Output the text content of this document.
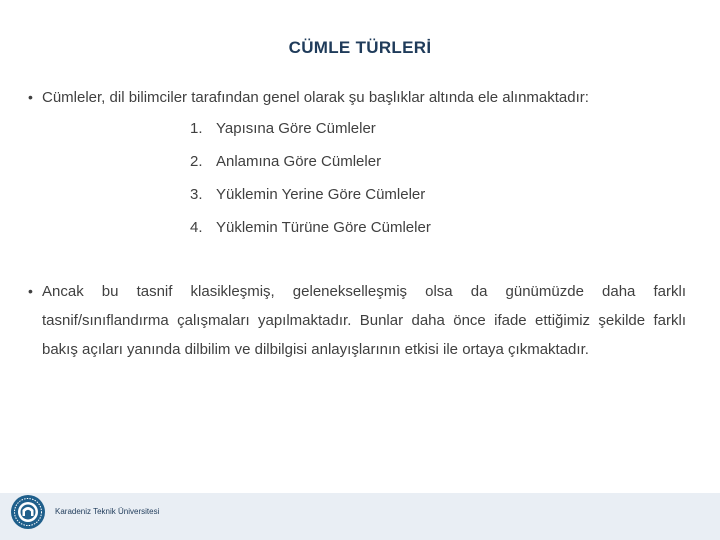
CÜMLE TÜRLERİ
• Cümleler, dil bilimciler tarafından genel olarak şu başlıklar altında ele alınmaktadır:
1. Yapısına Göre Cümleler
2. Anlamına Göre Cümleler
3. Yüklemin Yerine Göre Cümleler
4. Yüklemin Türüne Göre Cümleler
• Ancak bu tasnif klasikleşmiş, gelenekselleşmiş olsa da günümüzde daha farklı tasnif/sınıflandırma çalışmaları yapılmaktadır. Bunlar daha önce ifade ettiğimiz şekilde farklı bakış açıları yanında dilbilim ve dilbilgisi anlayışlarının etkisi ile ortaya çıkmaktadır.
Karadeniz Teknik Üniversitesi
